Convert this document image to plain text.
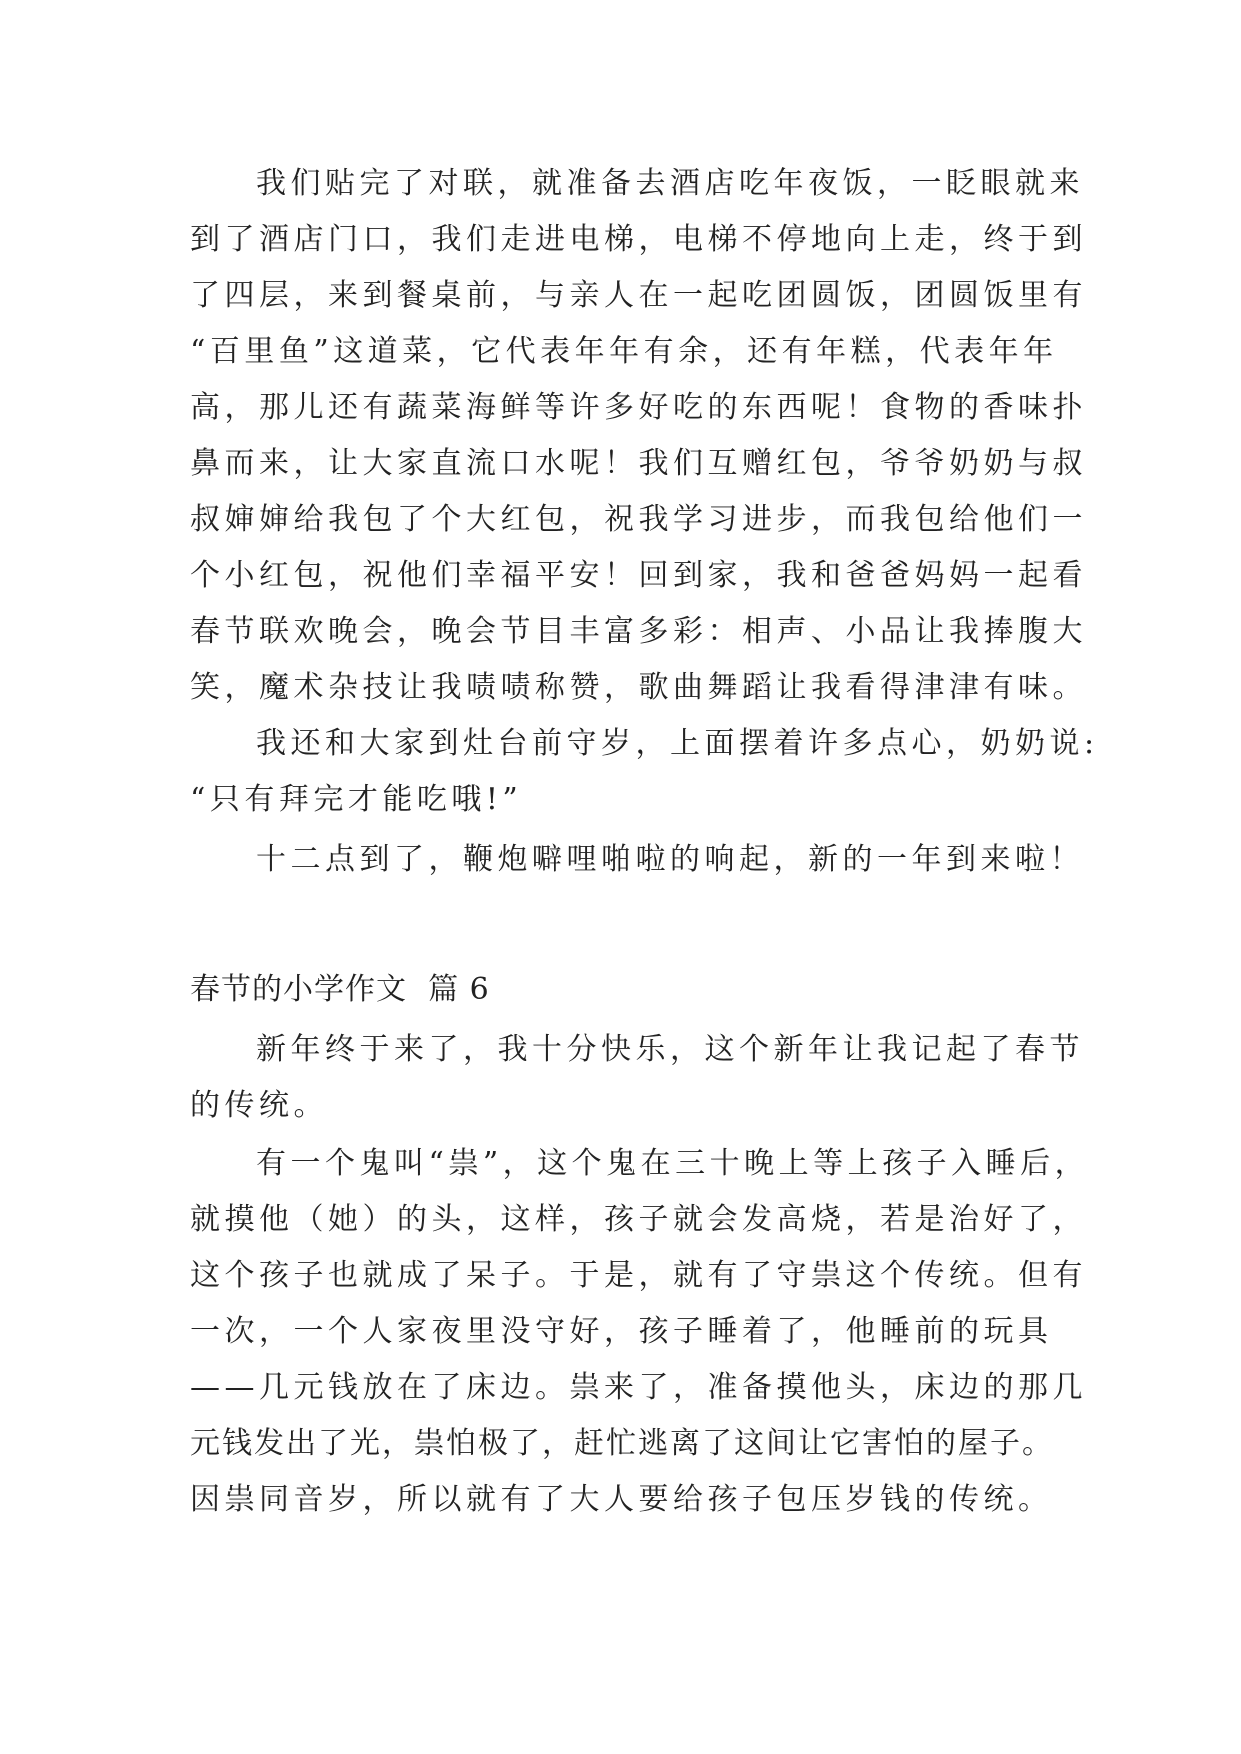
我们贴完了对联，就准备去酒店吃年夜饭，一眨眼就来

到了酒店门口，我们走进电梯，电梯不停地向上走，终于到

了四层，来到餐桌前，与亲人在一起吃团圆饭，团圆饭里有

“百里鱼”这道菜，它代表年年有余，还有年糕，代表年年

高，那儿还有蔬菜海鲜等许多好吃的东西呢！食物的香味扑

鼻而来，让大家直流口水呢！我们互赠红包，爷爷奶奶与叔

叔婶婶给我包了个大红包，祝我学习进步，而我包给他们一

个小红包，祝他们幸福平安！回到家，我和爸爸妈妈一起看

春节联欢晚会，晚会节目丰富多彩：相声、小品让我捧腹大

笑，魔术杂技让我啧啧称赞，歌曲舞蹈让我看得津津有味。

我还和大家到灶台前守岁，上面摆着许多点心，奶奶说:

“只有拜完才能吃哦!”

十二点到了，鞭炮噼哩啪啦的响起，新的一年到来啦！

春节的小学作文  篇 6

新年终于来了，我十分快乐，这个新年让我记起了春节

的传统。

有一个鬼叫“祟”，这个鬼在三十晚上等上孩子入睡后，

就摸他（她）的头，这样，孩子就会发高烧，若是治好了，

这个孩子也就成了呆子。于是，就有了守祟这个传统。但有

一次，一个人家夜里没守好，孩子睡着了，他睡前的玩具

——几元钱放在了床边。祟来了，准备摸他头，床边的那几

元钱发出了光，祟怕极了，赶忙逃离了这间让它害怕的屋子。

因祟同音岁，所以就有了大人要给孩子包压岁钱的传统。
